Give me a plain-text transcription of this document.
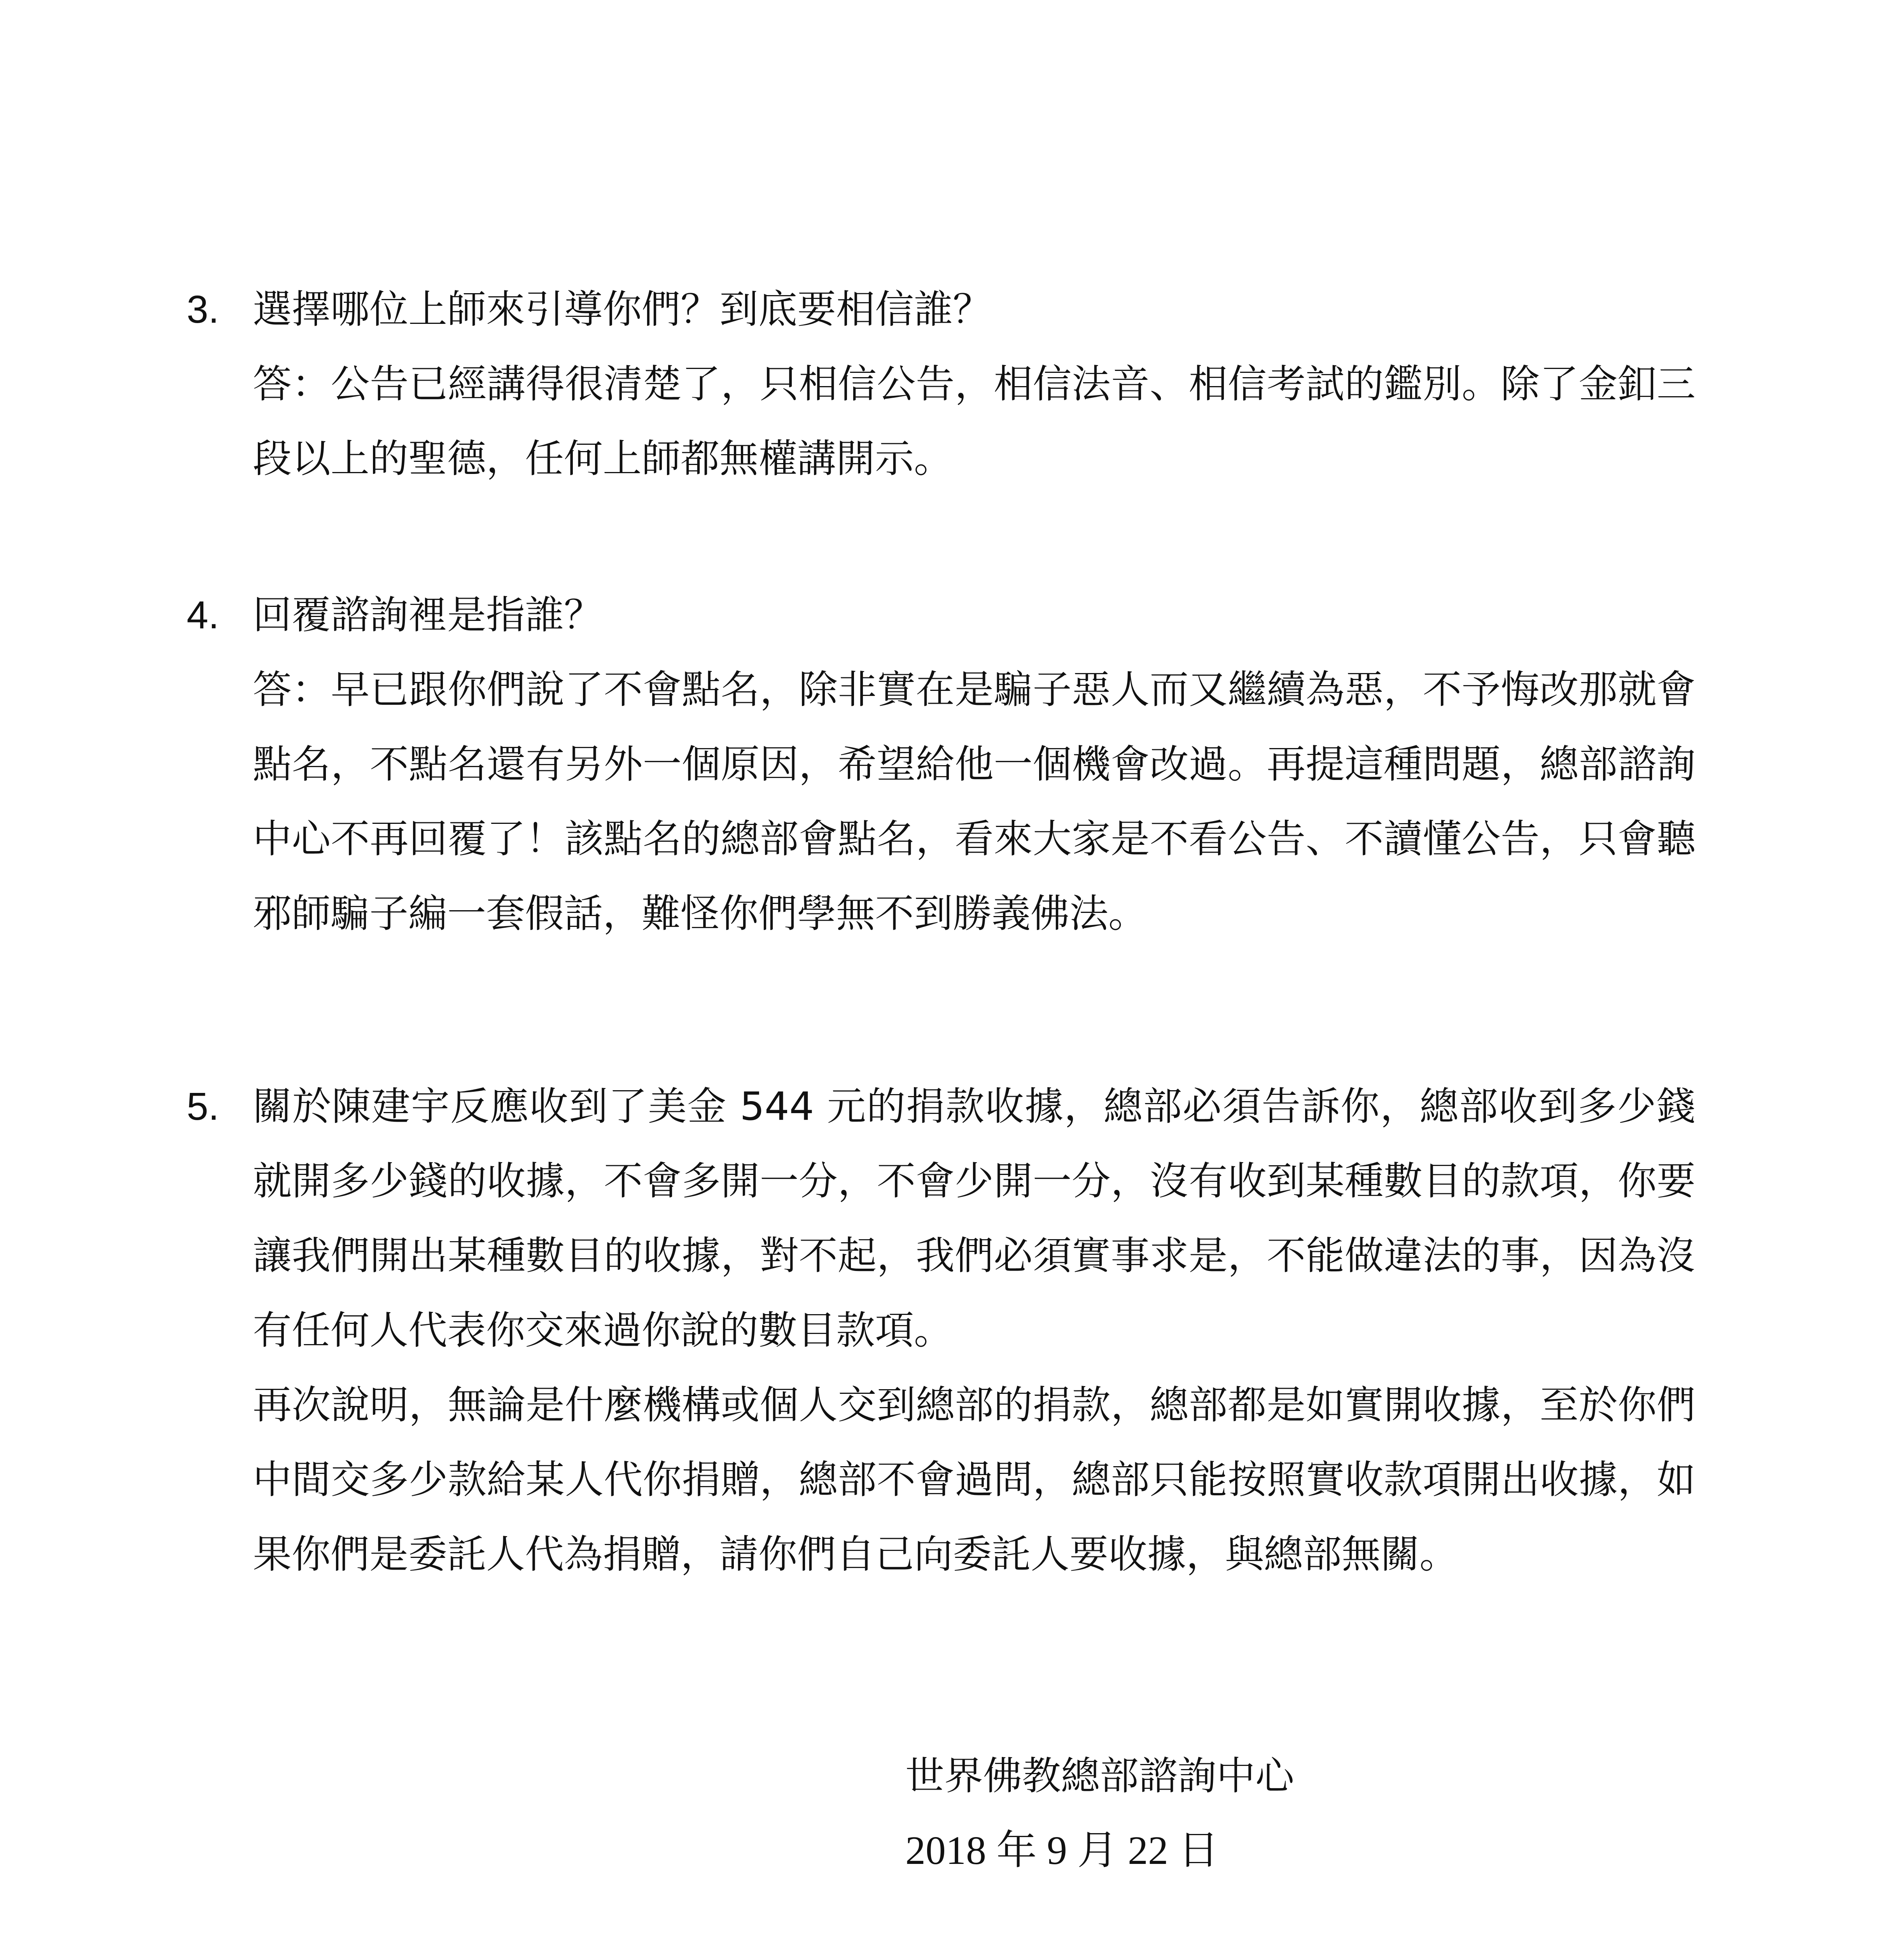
3. 選擇哪位上師來引導你們？到底要相信誰？

答：公告已經講得很清楚了，只相信公告，相信法音、相信考試的鑑別。除了金釦三段以上的聖德，任何上師都無權講開示。

4. 回覆諮詢裡是指誰？

答：早已跟你們說了不會點名，除非實在是騙子惡人而又繼續為惡，不予悔改那就會點名，不點名還有另外一個原因，希望給他一個機會改過。再提這種問題，總部諮詢中心不再回覆了！該點名的總部會點名，看來大家是不看公告、不讀懂公告，只會聽邪師騙子編一套假話，難怪你們學無不到勝義佛法。

5. 關於陳建宇反應收到了美金 544 元的捐款收據，總部必須告訴你，總部收到多少錢就開多少錢的收據，不會多開一分，不會少開一分，沒有收到某種數目的款項，你要讓我們開出某種數目的收據，對不起，我們必須實事求是，不能做違法的事，因為沒有任何人代表你交來過你說的數目款項。

再次說明，無論是什麼機構或個人交到總部的捐款，總部都是如實開收據，至於你們中間交多少款給某人代你捐贈，總部不會過問，總部只能按照實收款項開出收據，如果你們是委託人代為捐贈，請你們自己向委託人要收據，與總部無關。

世界佛教總部諮詢中心
2018 年 9 月 22 日
